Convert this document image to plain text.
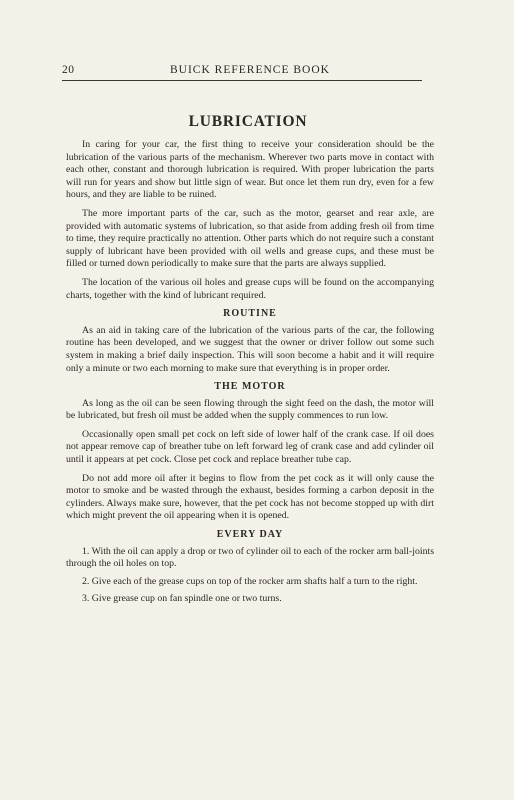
20	BUICK REFERENCE BOOK
LUBRICATION

In caring for your car, the first thing to receive your consideration should be the lubrication of the various parts of the mechanism. Wherever two parts move in contact with each other, constant and thorough lubrication is required. With proper lubrication the parts will run for years and show but little sign of wear. But once let them run dry, even for a few hours, and they are liable to be ruined.

The more important parts of the car, such as the motor, gearset and rear axle, are provided with automatic systems of lubrication, so that aside from adding fresh oil from time to time, they require practically no attention. Other parts which do not require such a constant supply of lubricant have been provided with oil wells and grease cups, and these must be filled or turned down periodically to make sure that the parts are always supplied.

The location of the various oil holes and grease cups will be found on the accompanying charts, together with the kind of lubricant required.

ROUTINE

As an aid in taking care of the lubrication of the various parts of the car, the following routine has been developed, and we suggest that the owner or driver follow out some such system in making a brief daily inspection. This will soon become a habit and it will require only a minute or two each morning to make sure that everything is in proper order.

THE MOTOR

As long as the oil can be seen flowing through the sight feed on the dash, the motor will be lubricated, but fresh oil must be added when the supply commences to run low.

Occasionally open small pet cock on left side of lower half of the crank case. If oil does not appear remove cap of breather tube on left forward leg of crank case and add cylinder oil until it appears at pet cock. Close pet cock and replace breather tube cap.

Do not add more oil after it begins to flow from the pet cock as it will only cause the motor to smoke and be wasted through the exhaust, besides forming a carbon deposit in the cylinders. Always make sure, however, that the pet cock has not become stopped up with dirt which might prevent the oil appearing when it is opened.

EVERY DAY

1. With the oil can apply a drop or two of cylinder oil to each of the rocker arm ball-joints through the oil holes on top.

2. Give each of the grease cups on top of the rocker arm shafts half a turn to the right.

3. Give grease cup on fan spindle one or two turns.
